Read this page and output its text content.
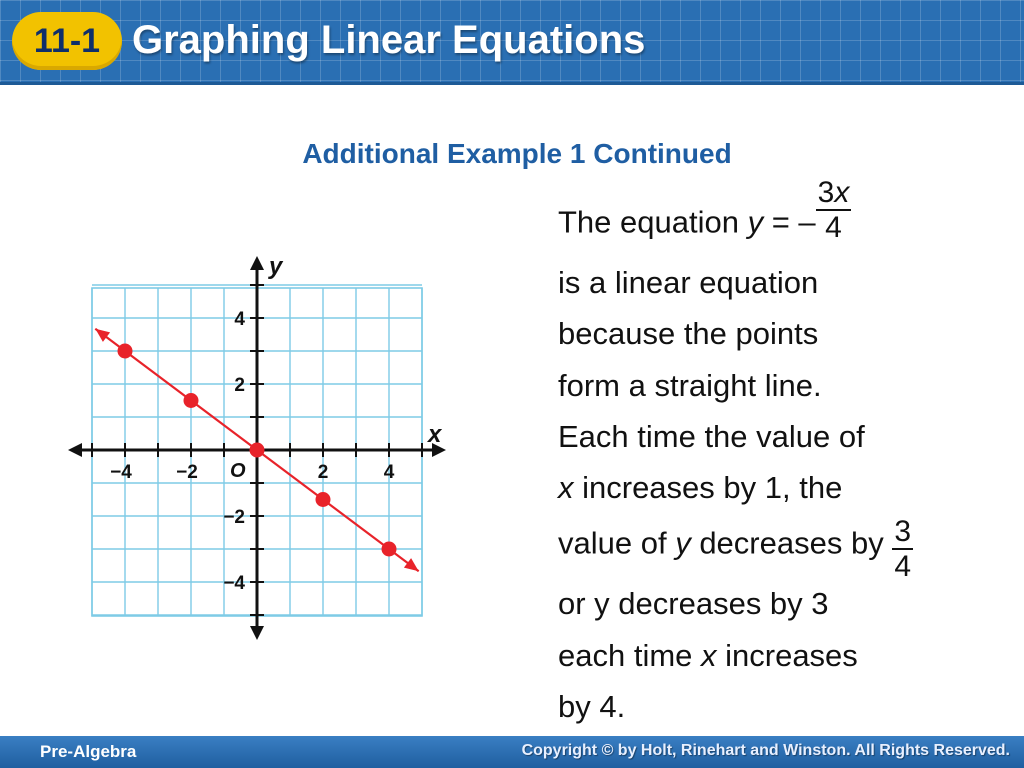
11-1 Graphing Linear Equations
Additional Example 1 Continued
−4 −2	2	4
4
2
−2
−4
O
x
y
The equation y = – $\frac{3x}{4}$
is a linear equation
because the points
form a straight line.
Each time the value of
x increases by 1, the
value of y decreases by $\frac{3}{4}$
or y decreases by 3
each time x increases
by 4.
Pre-Algebra	Copyright © by Holt, Rinehart and Winston. All Rights Reserved.
